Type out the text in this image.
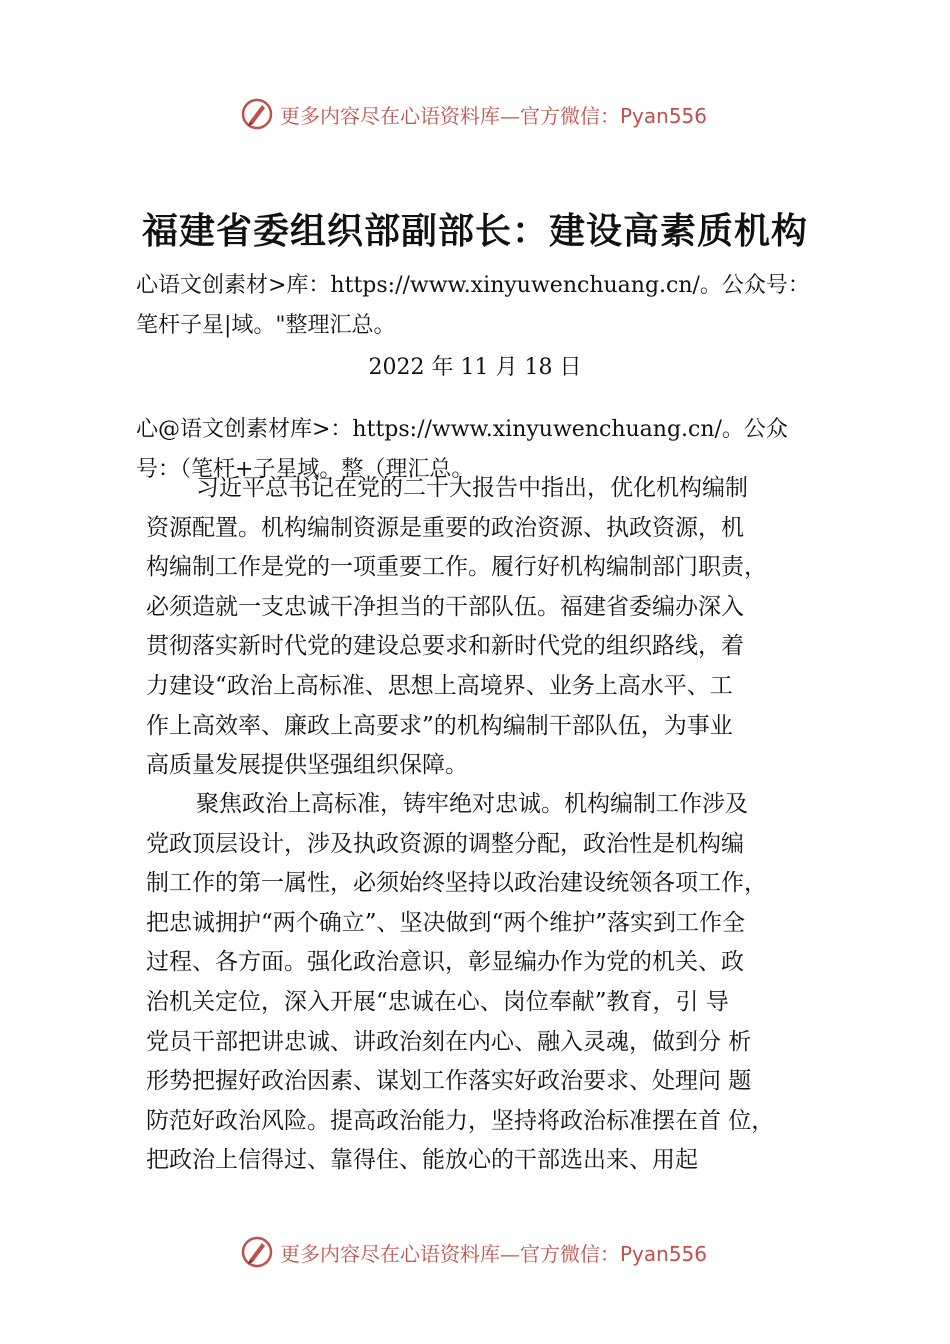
更多内容尽在心语资料库—官方微信：Pyan556
福建省委组织部副部长：建设高素质机构
心语文创素材>库：https://www.xinyuwenchuang.cn/。公众号：
笔杆子星|域。"整理汇总。
2022 年 11 月 18 日
心@语文创素材库>：https://www.xinyuwenchuang.cn/。公众
号：（笔杆+子星域。整（理汇总。
习近平总书记在党的二十大报告中指出，优化机构编制
资源配置。机构编制资源是重要的政治资源、执政资源，机
构编制工作是党的一项重要工作。履行好机构编制部门职责，
必须造就一支忠诚干净担当的干部队伍。福建省委编办深入
贯彻落实新时代党的建设总要求和新时代党的组织路线，着
力建设“政治上高标准、思想上高境界、业务上高水平、工
作上高效率、廉政上高要求”的机构编制干部队伍，为事业
高质量发展提供坚强组织保障。
聚焦政治上高标准，铸牢绝对忠诚。机构编制工作涉及
党政顶层设计，涉及执政资源的调整分配，政治性是机构编
制工作的第一属性，必须始终坚持以政治建设统领各项工作，
把忠诚拥护“两个确立”、坚决做到“两个维护”落实到工作全
过程、各方面。强化政治意识，彰显编办作为党的机关、政
治机关定位，深入开展“忠诚在心、岗位奉献”教育，引 导
党员干部把讲忠诚、讲政治刻在内心、融入灵魂，做到分 析
形势把握好政治因素、谋划工作落实好政治要求、处理问 题
防范好政治风险。提高政治能力，坚持将政治标准摆在首 位，
把政治上信得过、靠得住、能放心的干部选出来、用起
更多内容尽在心语资料库—官方微信：Pyan556
